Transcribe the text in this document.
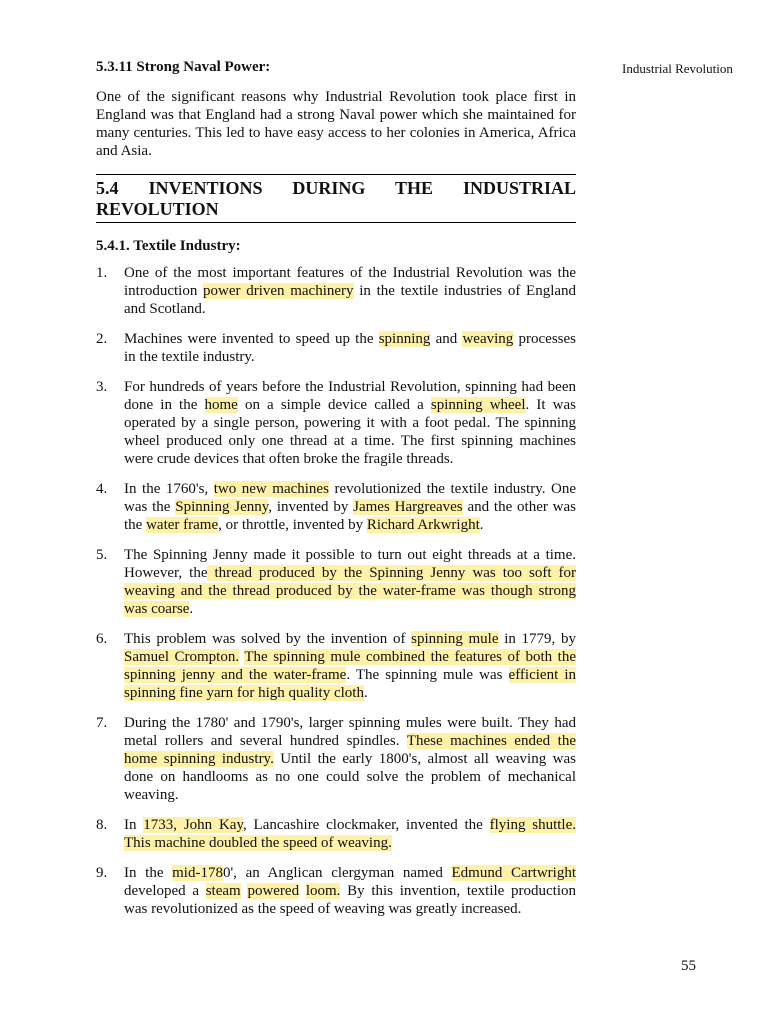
Industrial Revolution
5.3.11 Strong Naval Power:

One of the significant reasons why Industrial Revolution took place first in England was that England had a strong Naval power which she maintained for many centuries. This led to have easy access to her colonies in America, Africa and Asia.

5.4 INVENTIONS DURING THE INDUSTRIAL REVOLUTION
5.4.1. Textile Industry:
1. One of the most important features of the Industrial Revolution was the introduction power driven machinery in the textile industries of England and Scotland.
2. Machines were invented to speed up the spinning and weaving processes in the textile industry.
3. For hundreds of years before the Industrial Revolution, spinning had been done in the home on a simple device called a spinning wheel. It was operated by a single person, powering it with a foot pedal. The spinning wheel produced only one thread at a time. The first spinning machines were crude devices that often broke the fragile threads.
4. In the 1760's, two new machines revolutionized the textile industry. One was the Spinning Jenny, invented by James Hargreaves and the other was the water frame, or throttle, invented by Richard Arkwright.
5. The Spinning Jenny made it possible to turn out eight threads at a time. However, the thread produced by the Spinning Jenny was too soft for weaving and the thread produced by the water-frame was though strong was coarse.
6. This problem was solved by the invention of spinning mule in 1779, by Samuel Crompton. The spinning mule combined the features of both the spinning jenny and the water-frame. The spinning mule was efficient in spinning fine yarn for high quality cloth.
7. During the 1780' and 1790's, larger spinning mules were built. They had metal rollers and several hundred spindles. These machines ended the home spinning industry. Until the early 1800's, almost all weaving was done on handlooms as no one could solve the problem of mechanical weaving.
8. In 1733, John Kay, Lancashire clockmaker, invented the flying shuttle. This machine doubled the speed of weaving.
9. In the mid-1780', an Anglican clergyman named Edmund Cartwright developed a steam powered loom. By this invention, textile production was revolutionized as the speed of weaving was greatly increased.
55
